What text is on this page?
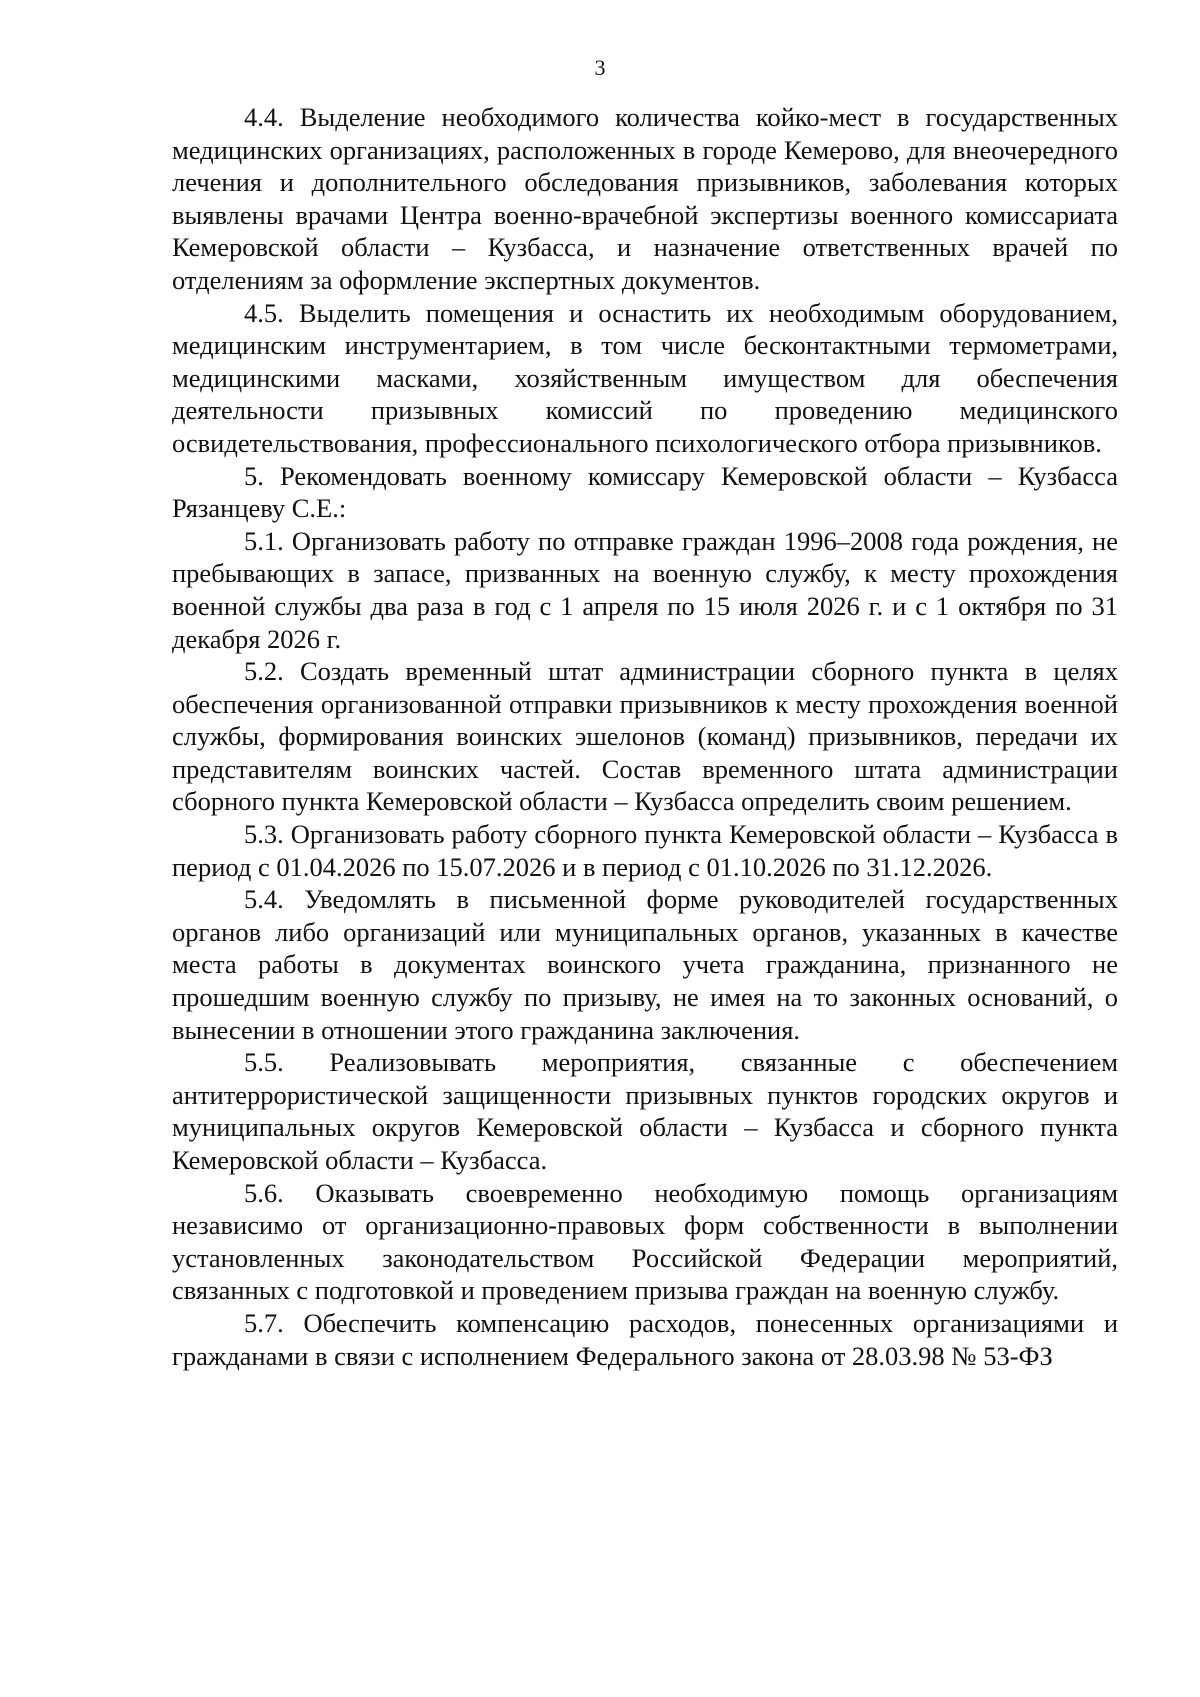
3

4.4. Выделение необходимого количества койко-мест в государственных медицинских организациях, расположенных в городе Кемерово, для внеочередного лечения и дополнительного обследования призывников, заболевания которых выявлены врачами Центра военно-врачебной экспертизы военного комиссариата Кемеровской области – Кузбасса, и назначение ответственных врачей по отделениям за оформление экспертных документов.

4.5. Выделить помещения и оснастить их необходимым оборудованием, медицинским инструментарием, в том числе бесконтактными термометрами, медицинскими масками, хозяйственным имуществом для обеспечения деятельности призывных комиссий по проведению медицинского освидетельствования, профессионального психологического отбора призывников.

5. Рекомендовать военному комиссару Кемеровской области – Кузбасса Рязанцеву С.Е.:

5.1. Организовать работу по отправке граждан 1996–2008 года рождения, не пребывающих в запасе, призванных на военную службу, к месту прохождения военной службы два раза в год с 1 апреля по 15 июля 2026 г. и с 1 октября по 31 декабря 2026 г.

5.2. Создать временный штат администрации сборного пункта в целях обеспечения организованной отправки призывников к месту прохождения военной службы, формирования воинских эшелонов (команд) призывников, передачи их представителям воинских частей. Состав временного штата администрации сборного пункта Кемеровской области – Кузбасса определить своим решением.

5.3. Организовать работу сборного пункта Кемеровской области – Кузбасса в период с 01.04.2026 по 15.07.2026 и в период с 01.10.2026 по 31.12.2026.

5.4. Уведомлять в письменной форме руководителей государственных органов либо организаций или муниципальных органов, указанных в качестве места работы в документах воинского учета гражданина, признанного не прошедшим военную службу по призыву, не имея на то законных оснований, о вынесении в отношении этого гражданина заключения.

5.5. Реализовывать мероприятия, связанные с обеспечением антитеррористической защищенности призывных пунктов городских округов и муниципальных округов Кемеровской области – Кузбасса и сборного пункта Кемеровской области – Кузбасса.

5.6. Оказывать своевременно необходимую помощь организациям независимо от организационно-правовых форм собственности в выполнении установленных законодательством Российской Федерации мероприятий, связанных с подготовкой и проведением призыва граждан на военную службу.

5.7. Обеспечить компенсацию расходов, понесенных организациями и гражданами в связи с исполнением Федерального закона от 28.03.98 № 53-ФЗ
